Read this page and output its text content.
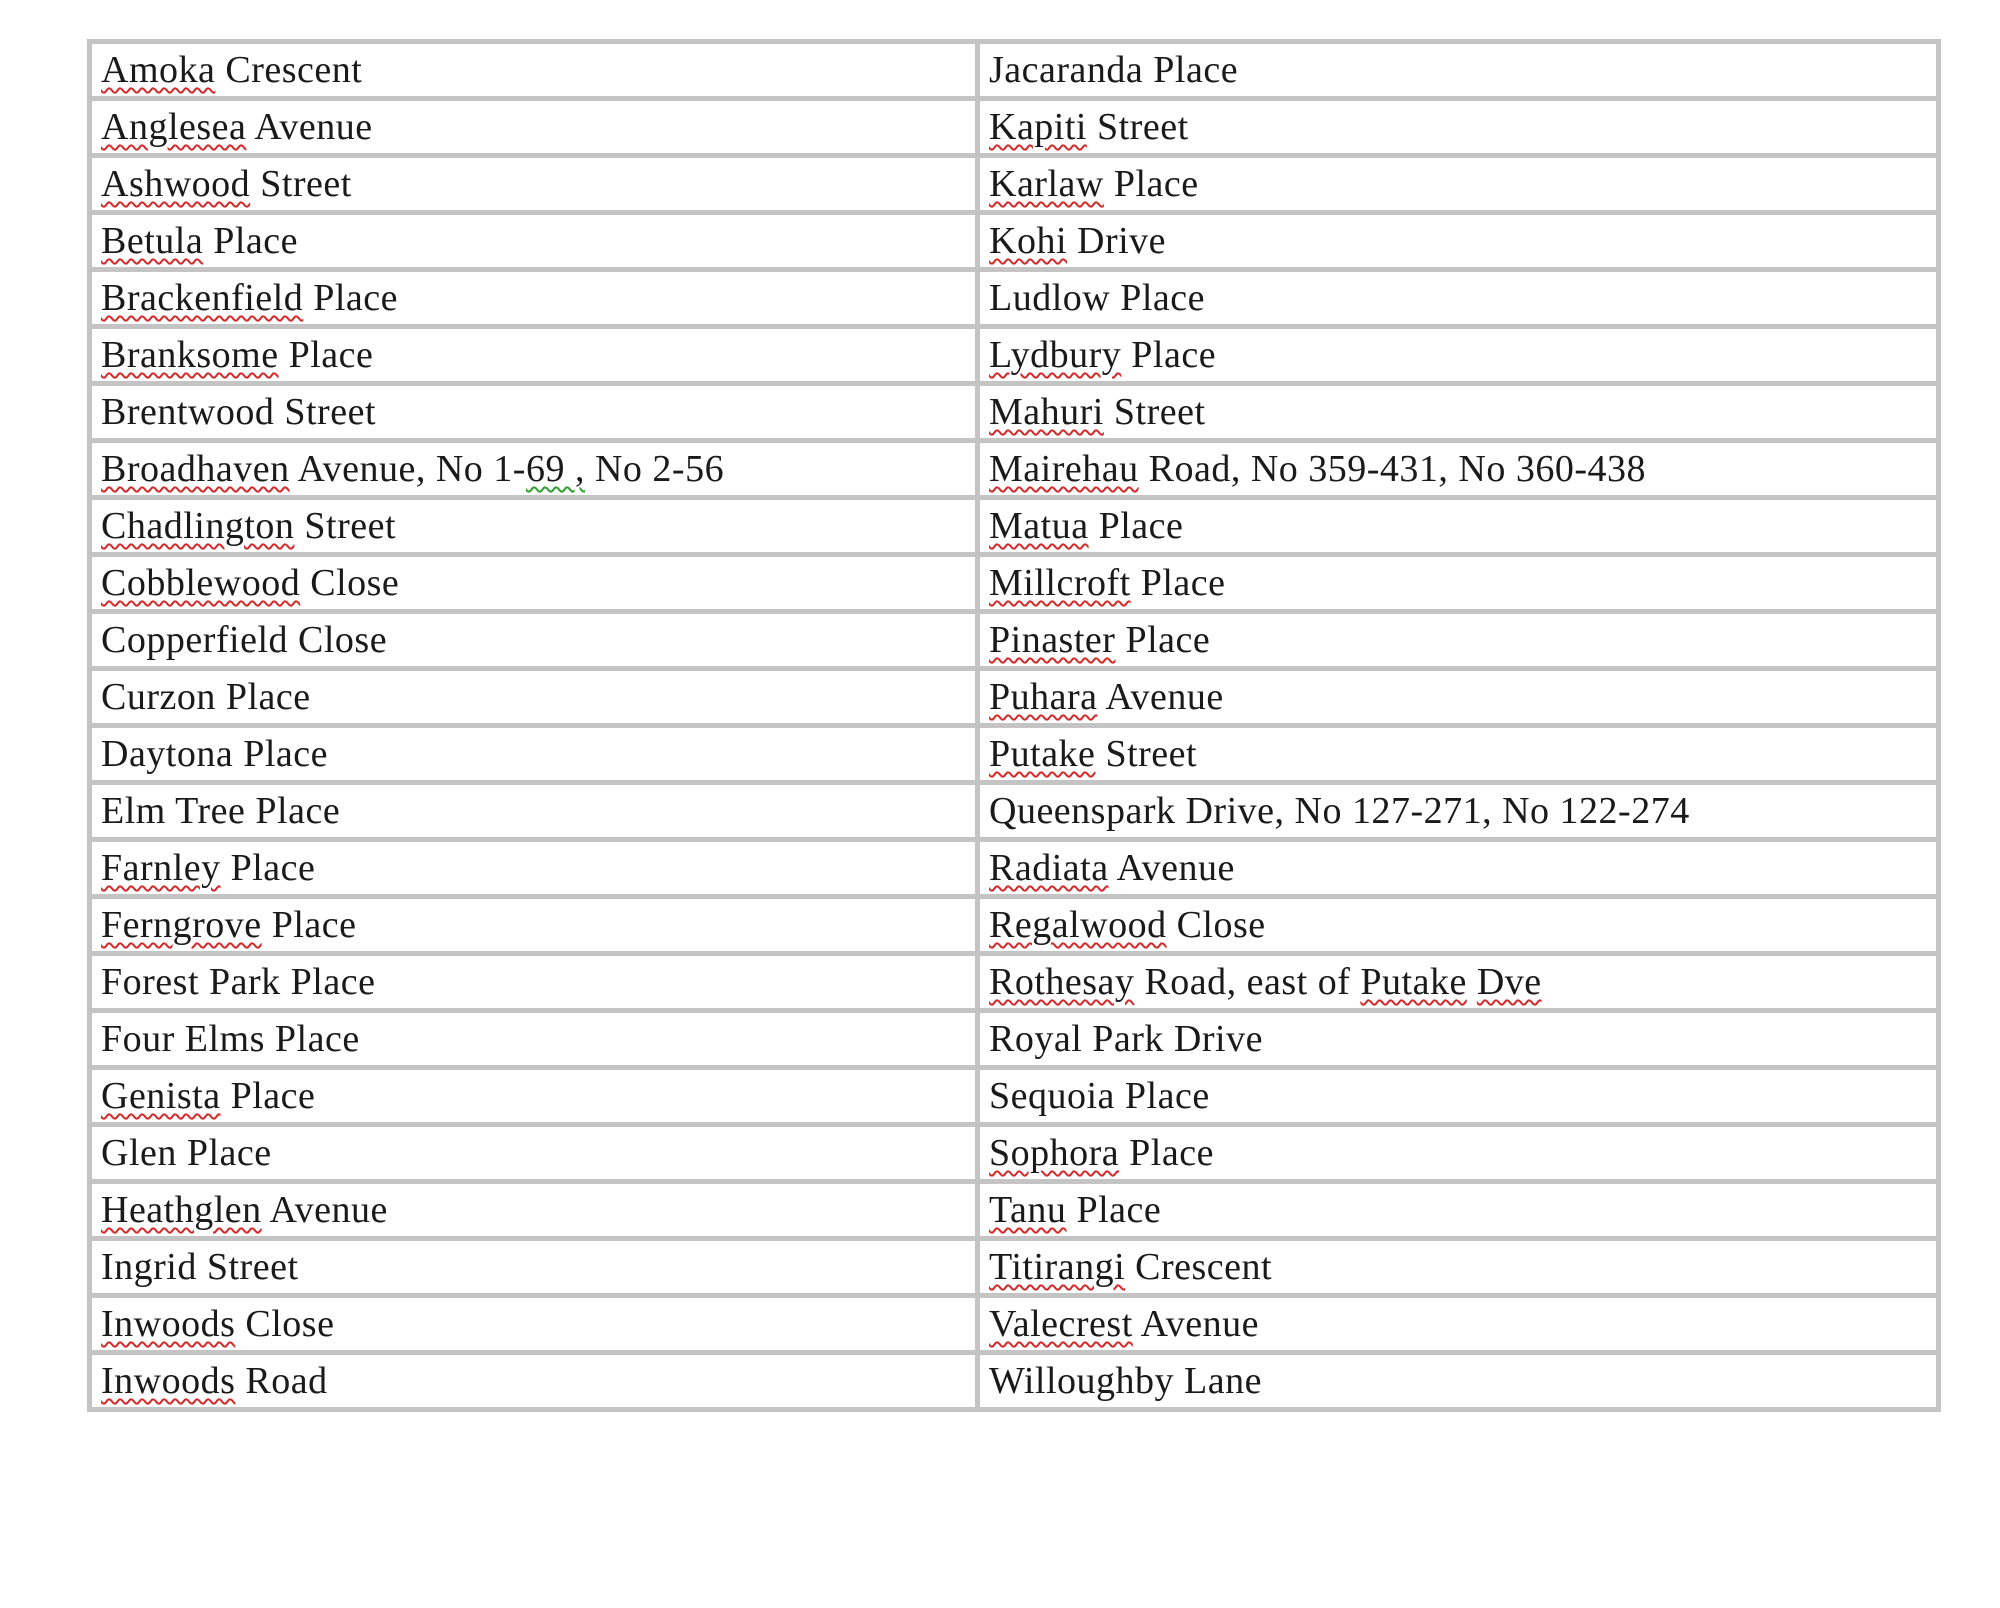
Amoka Crescent	Jacaranda Place
Anglesea Avenue	Kapiti Street
Ashwood Street	Karlaw Place
Betula Place	Kohi Drive
Brackenfield Place	Ludlow Place
Branksome Place	Lydbury Place
Brentwood Street	Mahuri Street
Broadhaven Avenue, No 1-69 , No 2-56	Mairehau Road, No 359-431, No 360-438
Chadlington Street	Matua Place
Cobblewood Close	Millcroft Place
Copperfield Close	Pinaster Place
Curzon Place	Puhara Avenue
Daytona Place	Putake Street
Elm Tree Place	Queenspark Drive, No 127-271, No 122-274
Farnley Place	Radiata Avenue
Ferngrove Place	Regalwood Close
Forest Park Place	Rothesay Road, east of Putake Dve
Four Elms Place	Royal Park Drive
Genista Place	Sequoia Place
Glen Place	Sophora Place
Heathglen Avenue	Tanu Place
Ingrid Street	Titirangi Crescent
Inwoods Close	Valecrest Avenue
Inwoods Road	Willoughby Lane
